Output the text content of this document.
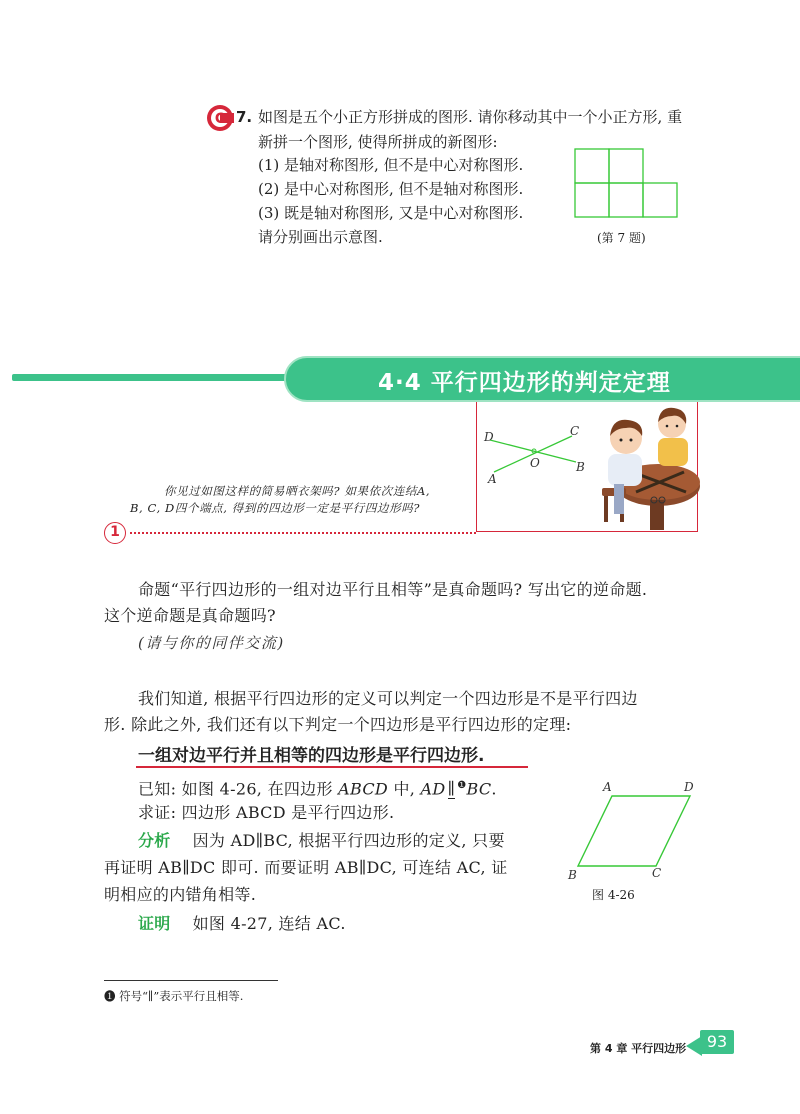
C 7. 如图是五个小正方形拼成的图形. 请你移动其中一个小正方形, 重
新拼一个图形, 使得所拼成的新图形:
(1) 是轴对称图形, 但不是中心对称图形.
(2) 是中心对称图形, 但不是轴对称图形.
(3) 既是轴对称图形, 又是中心对称图形.
请分别画出示意图.	(第 7 题)
4·4 平行四边形的判定定理
D	C
O
A
B
你见过如图这样的简易晒衣架吗? 如果依次连结A,
B, C, D四个端点, 得到的四边形一定是平行四边形吗?
1
命题“平行四边形的一组对边平行且相等”是真命题吗? 写出它的逆命题.
这个逆命题是真命题吗?
(请与你的同伴交流)
我们知道, 根据平行四边形的定义可以判定一个四边形是不是平行四边
形. 除此之外, 我们还有以下判定一个四边形是平行四边形的定理:
一组对边平行并且相等的四边形是平行四边形.
已知: 如图 4-26, 在四边形 ABCD 中, AD ∥ $^❶$BC.
求证: 四边形 ABCD 是平行四边形.
分析 因为 AD∥BC, 根据平行四边形的定义, 只要
再证明 AB∥DC 即可. 而要证明 AB∥DC, 可连结 AC, 证
明相应的内错角相等.
证明 如图 4-27, 连结 AC.
A	D
B	C
图 4-26
❶ 符号“∥”表示平行且相等.
第 4 章 平行四边形	93
